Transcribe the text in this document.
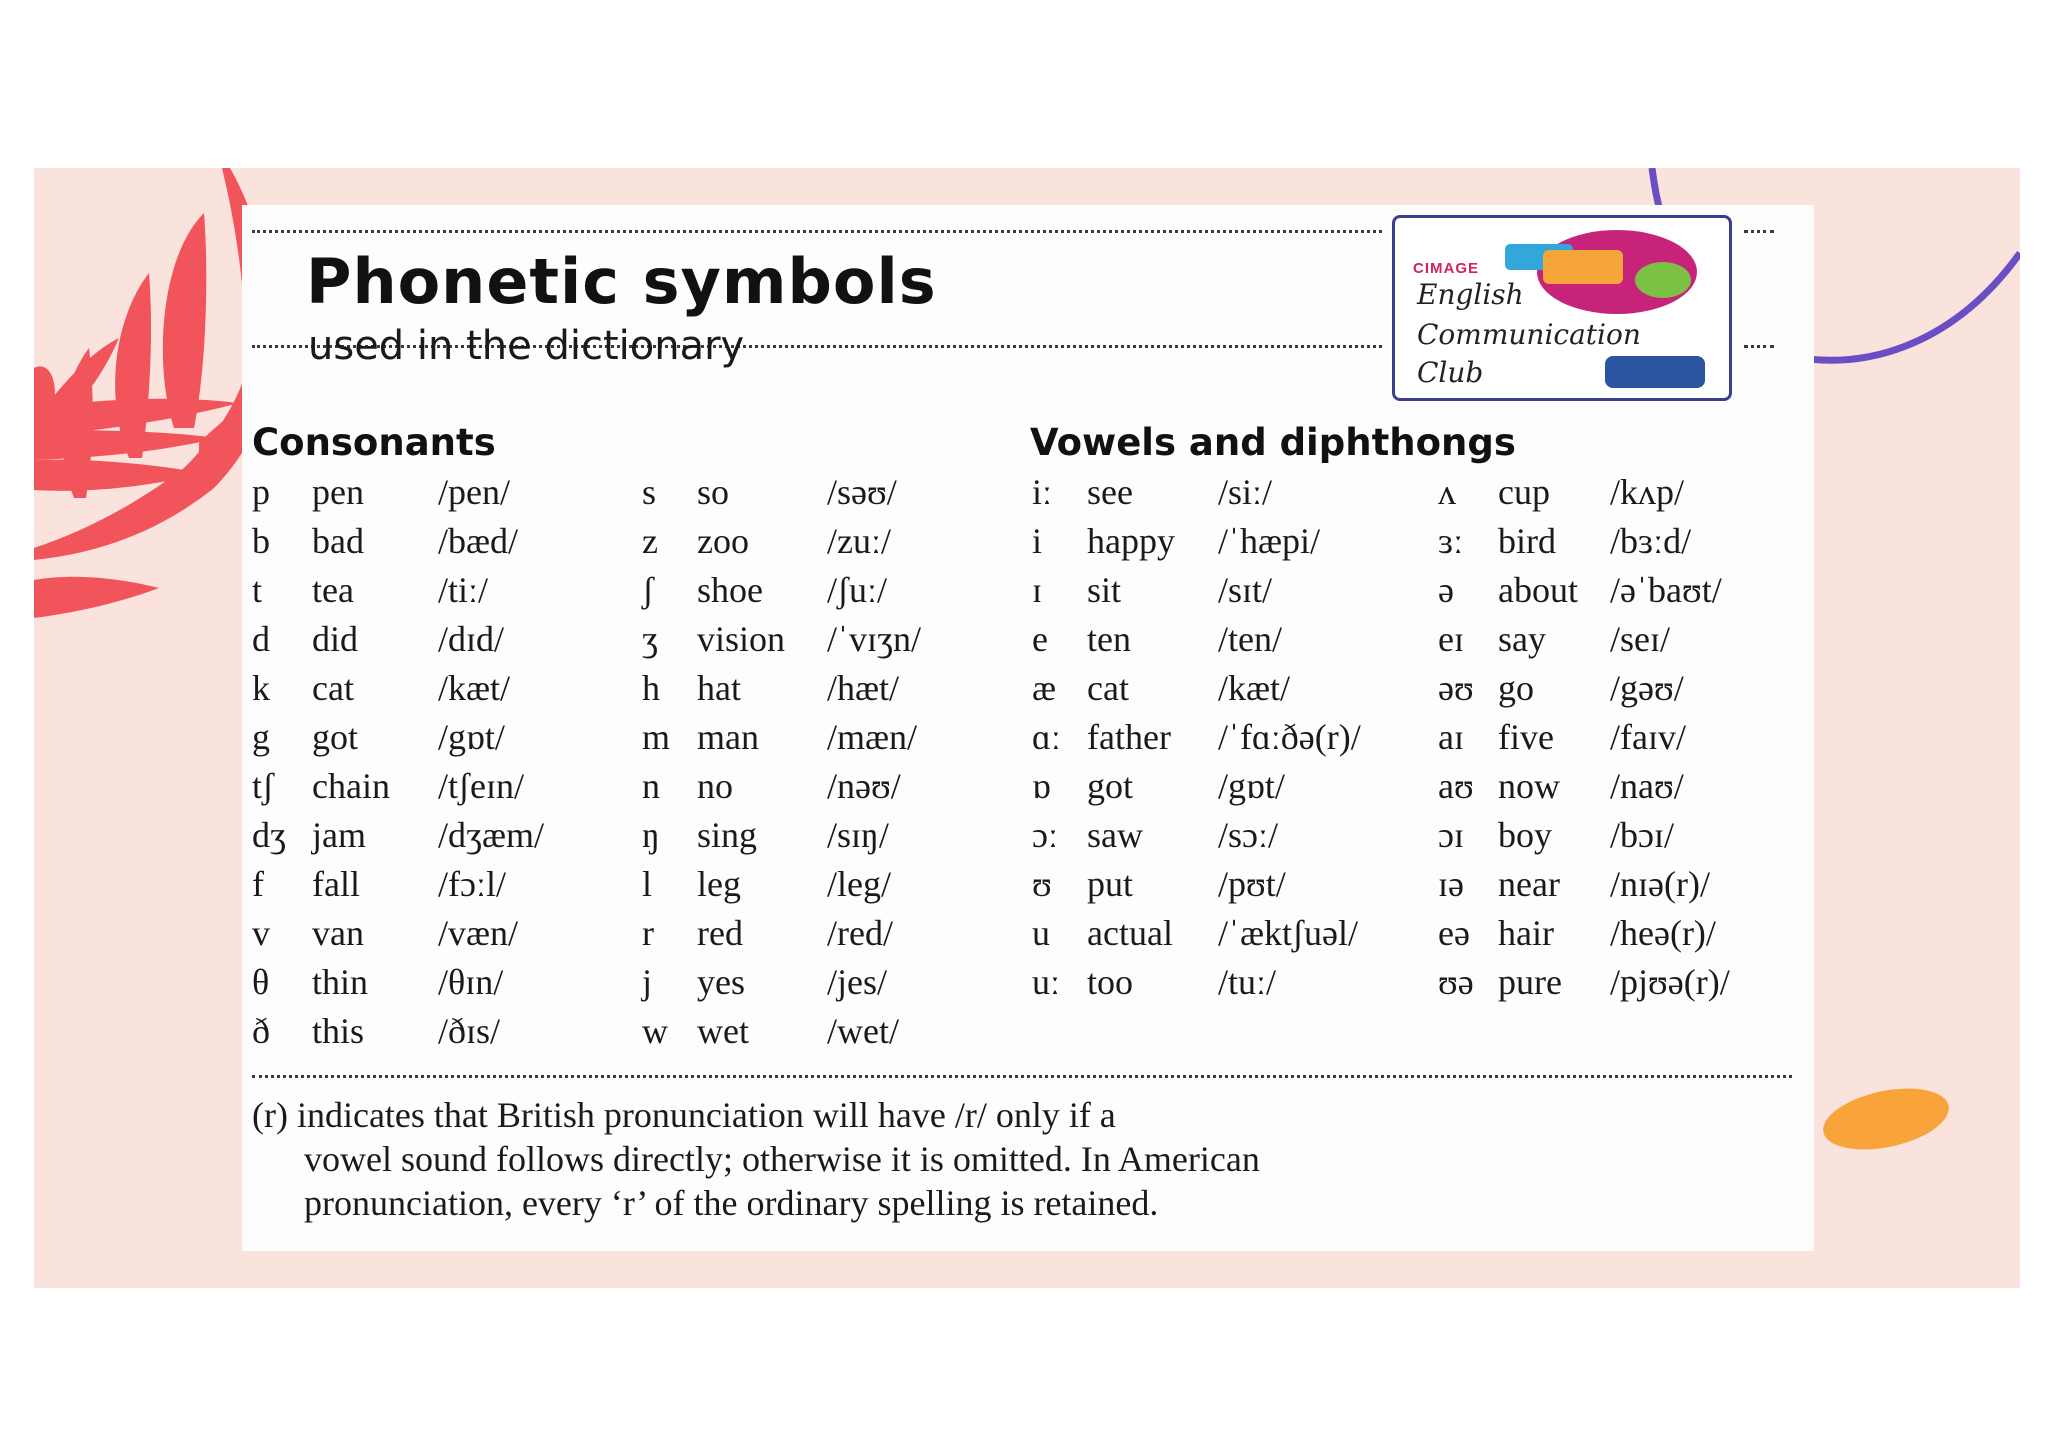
Phonetic symbols
used in the dictionary
CIMAGE
English
Communication
Club
Consonants	Vowels and diphthongs
p pen /pen/
b bad /bæd/
t tea /tiː/
d did /dɪd/
k cat /kæt/
g got /gɒt/
tʃ chain /tʃeɪn/
dʒ jam /dʒæm/
f fall /fɔːl/
v van /væn/
θ thin /θɪn/
ð this /ðɪs/
s so	/səʊ/
z zoo /zuː/
ʃ shoe /ʃuː/
ʒ vision /ˈvɪʒn/
h hat /hæt/
m man /mæn/
n no	/nəʊ/
ŋ sing /sɪŋ/
l leg /leg/
r red /red/
j yes /jes/
w wet /wet/
iː see /siː/
i happy /ˈhæpi/
ɪ sit	/sɪt/
e ten /ten/
æ cat /kæt/
ɑː father /ˈfɑːðə(r)/
ɒ got /gɒt/
ɔː saw /sɔː/
ʊ put /pʊt/
u actual /ˈæktʃuəl/
uː too /tuː/
ʌ cup /kʌp/
ɜː bird /bɜːd/
ə about /əˈbaʊt/
eɪ say /seɪ/
əʊ go /gəʊ/
aɪ five /faɪv/
aʊ now /naʊ/
ɔɪ boy /bɔɪ/
ɪə near /nɪə(r)/
eə hair /heə(r)/
ʊə pure /pjʊə(r)/
(r) indicates that British pronunciation will have /r/ only if a
vowel sound follows directly; otherwise it is omitted. In American
pronunciation, every ‘r’ of the ordinary spelling is retained.
